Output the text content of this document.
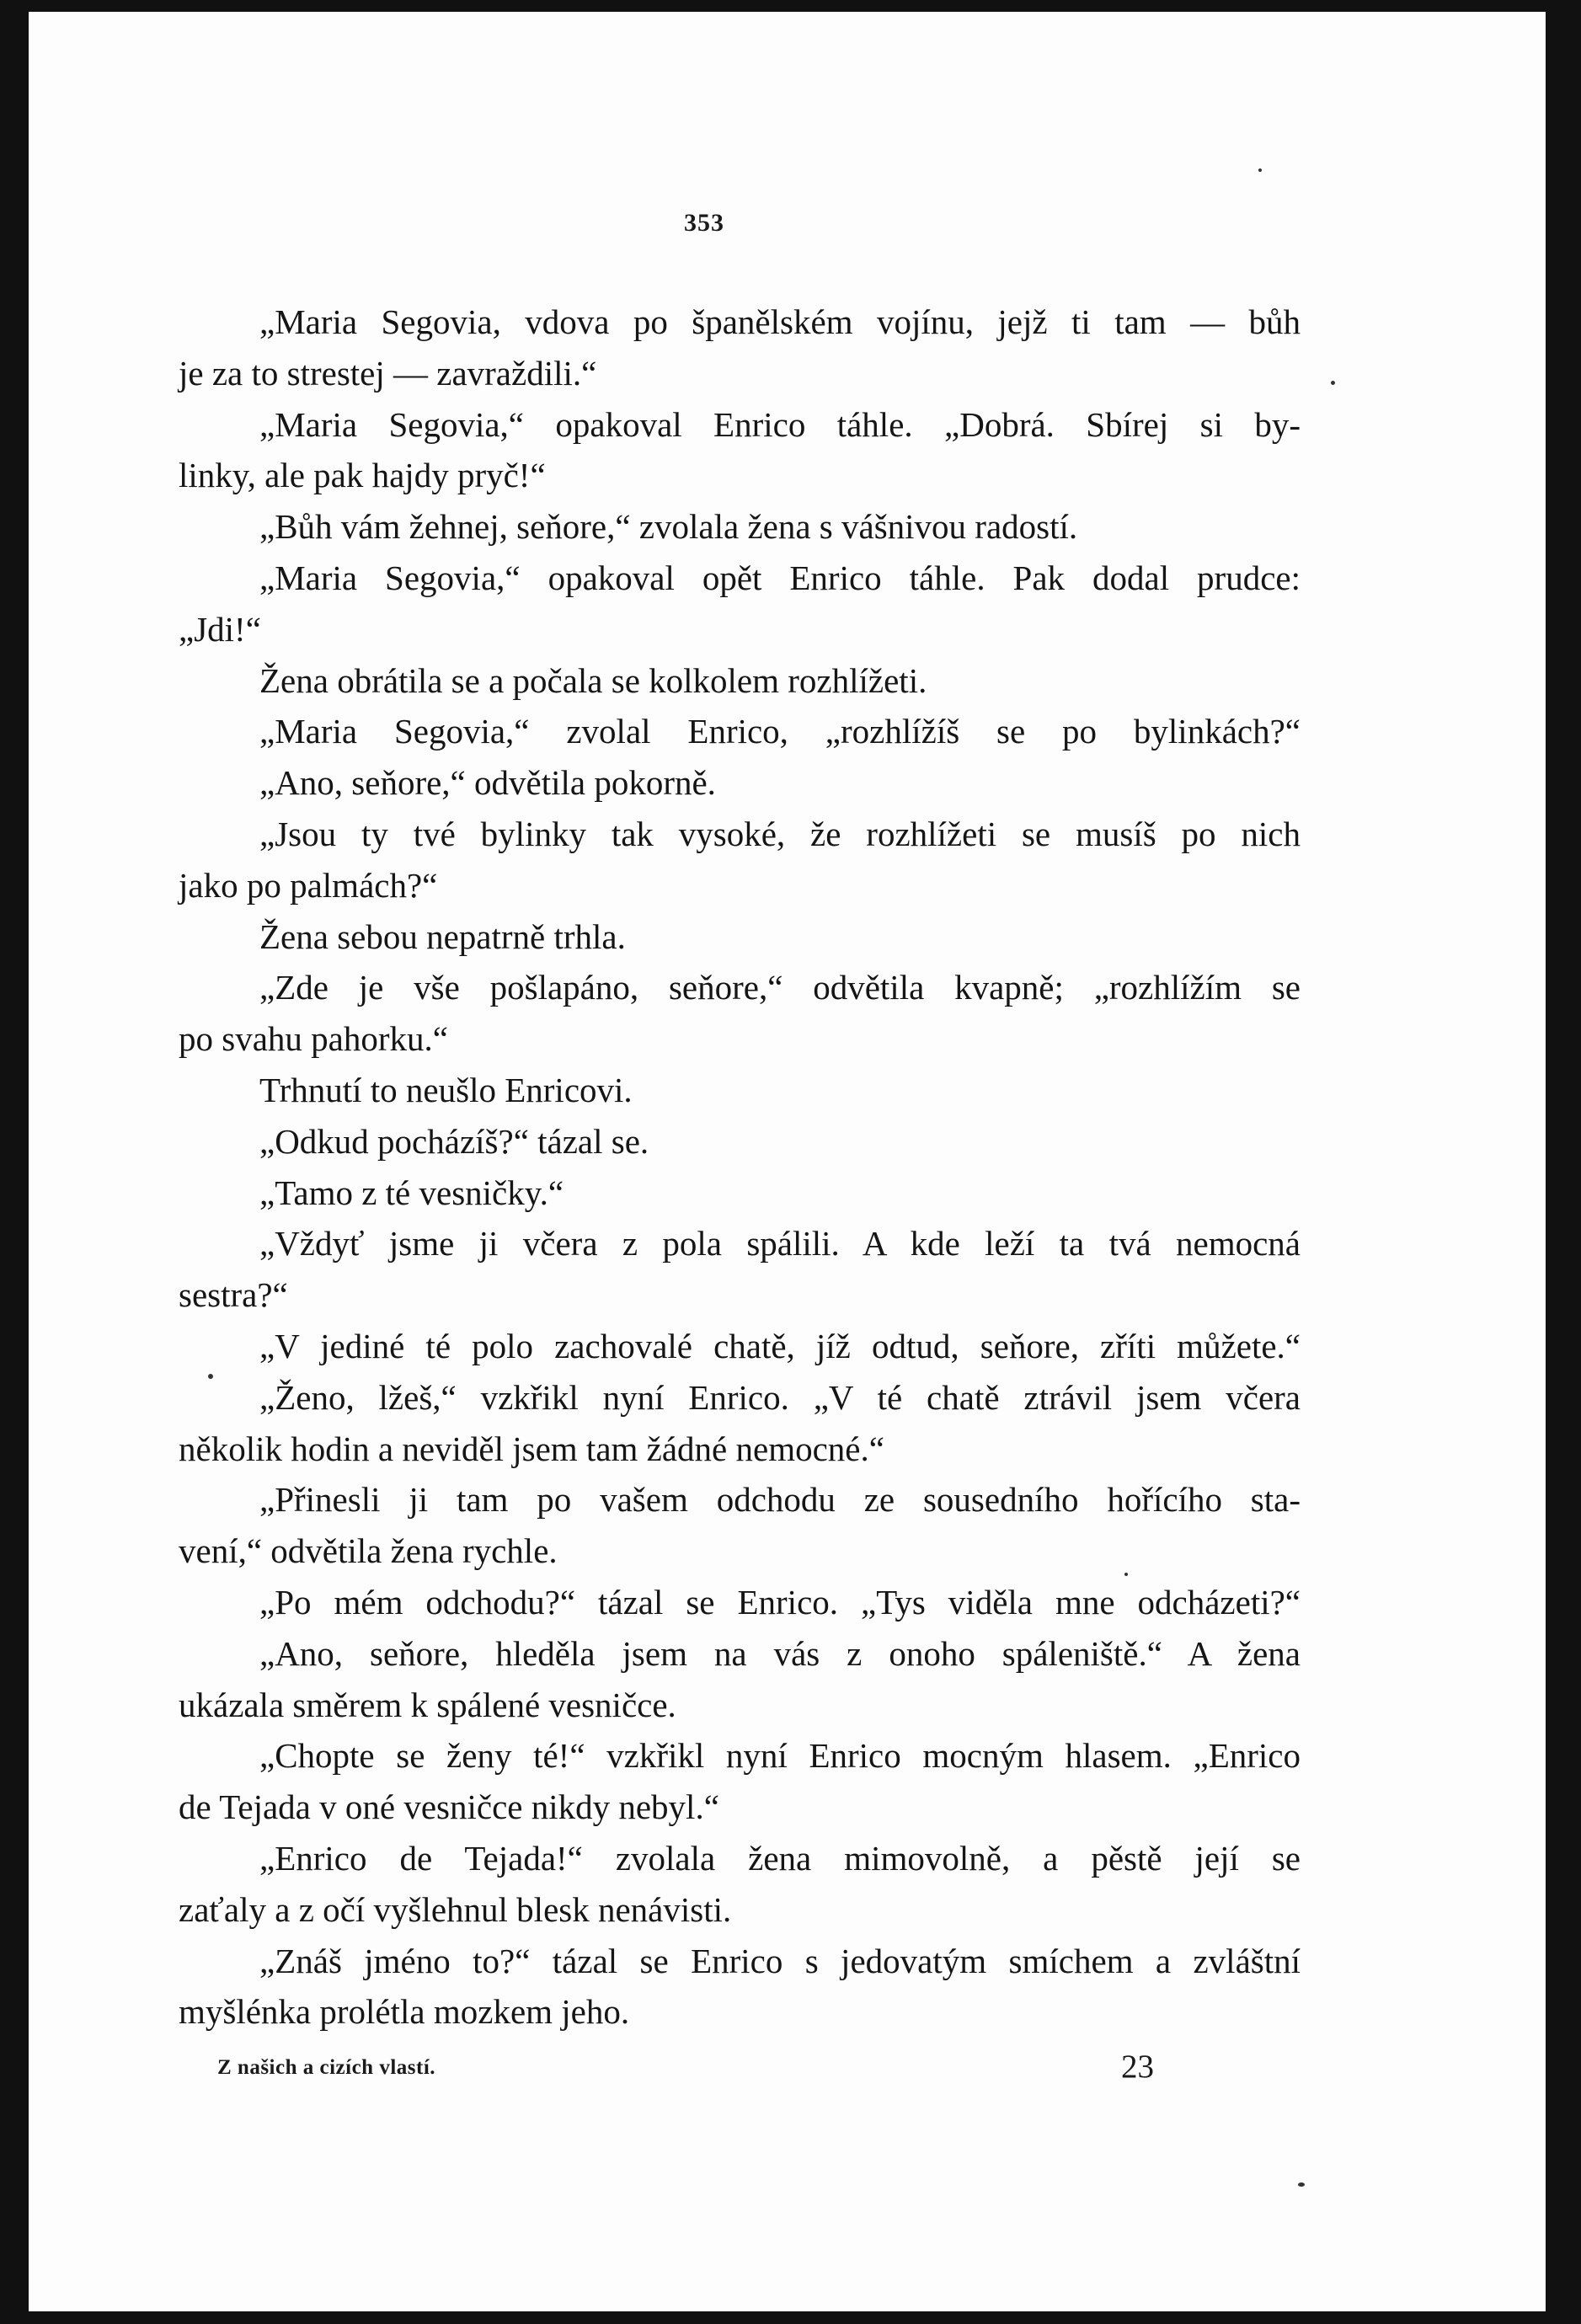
353
„Maria Segovia, vdova po španělském vojínu, jejž ti tam — bůh
je za to strestej — zavraždili.“
„Maria Segovia,“ opakoval Enrico táhle. „Dobrá. Sbírej si by-
linky, ale pak hajdy pryč!“
„Bůh vám žehnej, seňore,“ zvolala žena s vášnivou radostí.
„Maria Segovia,“ opakoval opět Enrico táhle. Pak dodal prudce:
„Jdi!“
Žena obrátila se a počala se kolkolem rozhlížeti.
„Maria Segovia,“ zvolal Enrico, „rozhlížíš se po bylinkách?“
„Ano, seňore,“ odvětila pokorně.
„Jsou ty tvé bylinky tak vysoké, že rozhlížeti se musíš po nich
jako po palmách?“
Žena sebou nepatrně trhla.
„Zde je vše pošlapáno, seňore,“ odvětila kvapně; „rozhlížím se
po svahu pahorku.“
Trhnutí to neušlo Enricovi.
„Odkud pocházíš?“ tázal se.
„Tamo z té vesničky.“
„Vždyť jsme ji včera z pola spálili. A kde leží ta tvá nemocná
sestra?“
„V jediné té polo zachovalé chatě, jíž odtud, seňore, zříti můžete.“
„Ženo, lžeš,“ vzkřikl nyní Enrico. „V té chatě ztrávil jsem včera
několik hodin a neviděl jsem tam žádné nemocné.“
„Přinesli ji tam po vašem odchodu ze sousedního hořícího sta-
vení,“ odvětila žena rychle.
„Po mém odchodu?“ tázal se Enrico. „Tys viděla mne odcházeti?“
„Ano, seňore, hleděla jsem na vás z onoho spáleniště.“ A žena
ukázala směrem k spálené vesničce.
„Chopte se ženy té!“ vzkřikl nyní Enrico mocným hlasem. „Enrico
de Tejada v oné vesničce nikdy nebyl.“
„Enrico de Tejada!“ zvolala žena mimovolně, a pěstě její se
zaťaly a z očí vyšlehnul blesk nenávisti.
„Znáš jméno to?“ tázal se Enrico s jedovatým smíchem a zvláštní
myšlénka prolétla mozkem jeho.
Z našich a cizích vlastí.	23
